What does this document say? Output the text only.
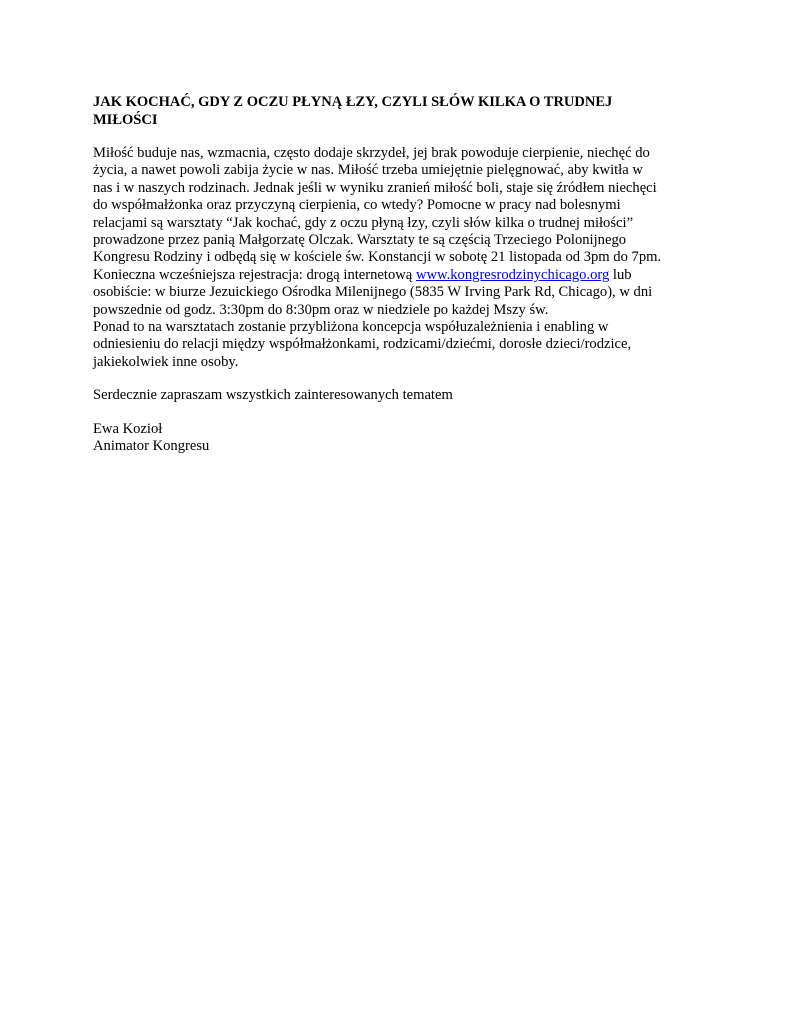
JAK KOCHAĆ, GDY Z OCZU PŁYNĄ ŁZY, CZYLI SŁÓW KILKA O TRUDNEJ
MIŁOŚCI
Miłość buduje nas, wzmacnia, często dodaje skrzydeł, jej brak powoduje cierpienie, niechęć do
życia, a nawet powoli zabija życie w nas. Miłość trzeba umiejętnie pielęgnować, aby kwitła w
nas i w naszych rodzinach. Jednak jeśli w wyniku zranień miłość boli, staje się źródłem niechęci
do współmałżonka oraz przyczyną cierpienia, co wtedy? Pomocne w pracy nad bolesnymi
relacjami są warsztaty “Jak kochać, gdy z oczu płyną łzy, czyli słów kilka o trudnej miłości”
prowadzone przez panią Małgorzatę Olczak. Warsztaty te są częścią Trzeciego Polonijnego
Kongresu Rodziny i odbędą się w kościele św. Konstancji w sobotę 21 listopada od 3pm do 7pm.
Konieczna wcześniejsza rejestracja: drogą internetową www.kongresrodzinychicago.org lub
osobiście: w biurze Jezuickiego Ośrodka Milenijnego (5835 W Irving Park Rd, Chicago), w dni
powszednie od godz. 3:30pm do 8:30pm oraz w niedziele po każdej Mszy św.
Ponad to na warsztatach zostanie przybliżona koncepcja współuzależnienia i enabling w
odniesieniu do relacji między współmałżonkami, rodzicami/dziećmi, dorosłe dzieci/rodzice,
jakiekolwiek inne osoby.
Serdecznie zapraszam wszystkich zainteresowanych tematem
Ewa Kozioł
Animator Kongresu
